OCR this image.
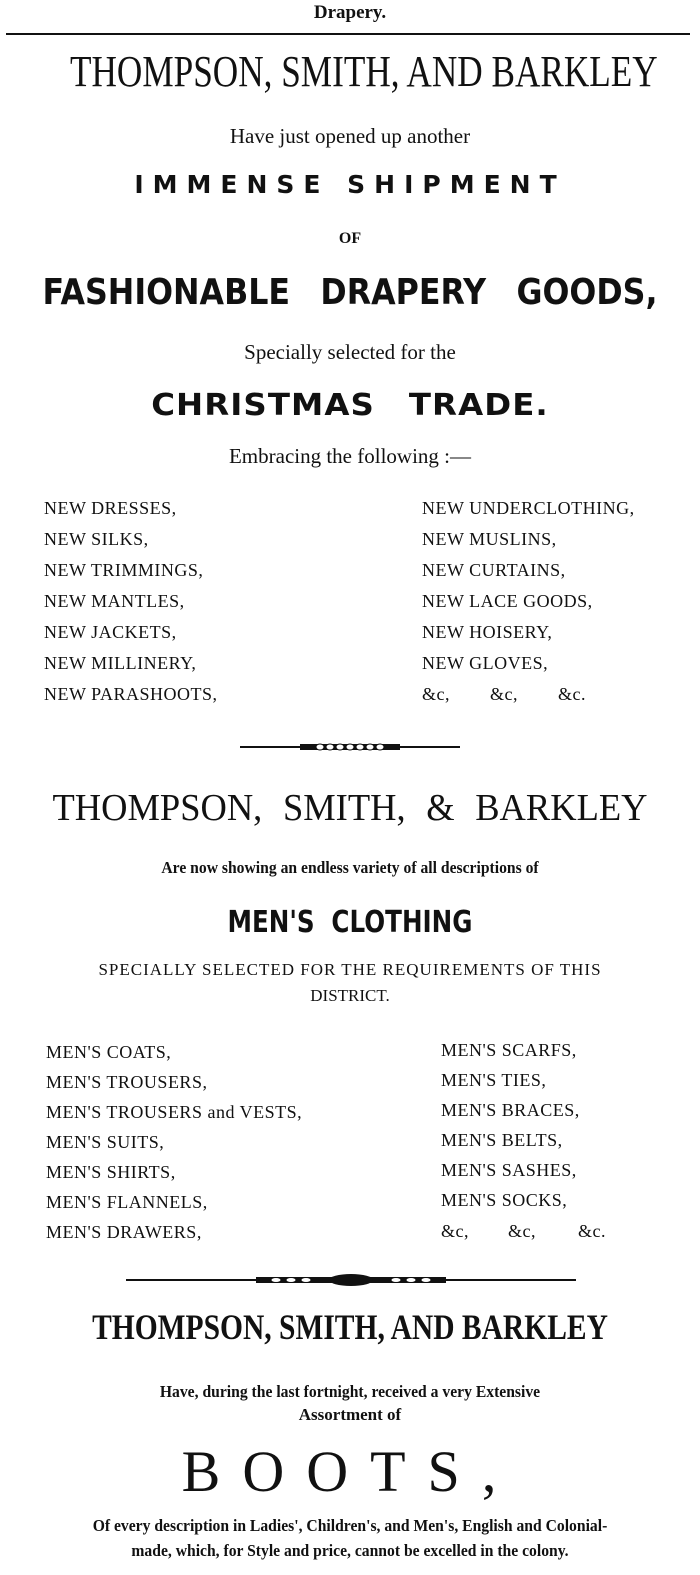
Drapery.
THOMPSON, SMITH, AND BARKLEY
Have just opened up another
IMMENSE SHIPMENT
OF
FASHIONABLE DRAPERY GOODS,
Specially selected for the
CHRISTMAS TRADE.
Embracing the following :—
NEW DRESSES,
NEW SILKS,
NEW TRIMMINGS,
NEW MANTLES,
NEW JACKETS,
NEW MILLINERY,
NEW PARASHOOTS,
NEW UNDERCLOTHING,
NEW MUSLINS,
NEW CURTAINS,
NEW LACE GOODS,
NEW HOISERY,
NEW GLOVES,
&c, &c, &c.
THOMPSON, SMITH, & BARKLEY
Are now showing an endless variety of all descriptions of
MEN'S CLOTHING
SPECIALLY SELECTED FOR THE REQUIREMENTS OF THIS
DISTRICT.
MEN'S COATS,
MEN'S TROUSERS,
MEN'S TROUSERS and VESTS,
MEN'S SUITS,
MEN'S SHIRTS,
MEN'S FLANNELS,
MEN'S DRAWERS,
MEN'S SCARFS,
MEN'S TIES,
MEN'S BRACES,
MEN'S BELTS,
MEN'S SASHES,
MEN'S SOCKS,
&c, &c, &c.
THOMPSON, SMITH, AND BARKLEY
Have, during the last fortnight, received a very Extensive
Assortment of
BOOTS,
Of every description in Ladies', Children's, and Men's, English and Colonial-
made, which, for Style and price, cannot be excelled in the colony.
